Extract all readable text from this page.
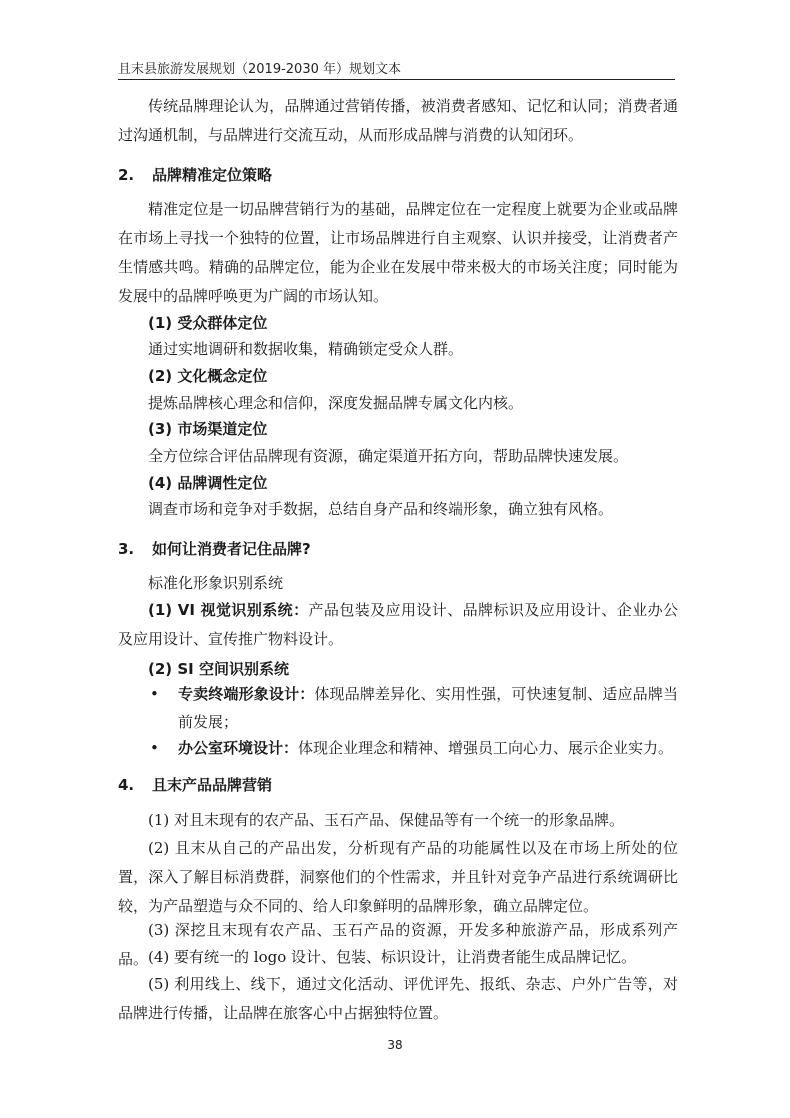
且末县旅游发展规划（2019-2030 年）规划文本

传统品牌理论认为，品牌通过营销传播，被消费者感知、记忆和认同；消费者通过沟通机制，与品牌进行交流互动，从而形成品牌与消费的认知闭环。

2. 品牌精准定位策略

精准定位是一切品牌营销行为的基础，品牌定位在一定程度上就要为企业或品牌在市场上寻找一个独特的位置，让市场品牌进行自主观察、认识并接受，让消费者产生情感共鸣。精确的品牌定位，能为企业在发展中带来极大的市场关注度；同时能为发展中的品牌呼唤更为广阔的市场认知。

(1) 受众群体定位
通过实地调研和数据收集，精确锁定受众人群。
(2) 文化概念定位
提炼品牌核心理念和信仰，深度发掘品牌专属文化内核。
(3) 市场渠道定位
全方位综合评估品牌现有资源，确定渠道开拓方向，帮助品牌快速发展。
(4) 品牌调性定位
调查市场和竞争对手数据，总结自身产品和终端形象，确立独有风格。
3. 如何让消费者记住品牌?
标准化形象识别系统

(1) VI 视觉识别系统：产品包装及应用设计、品牌标识及应用设计、企业办公及应用设计、宣传推广物料设计。

(2) SI 空间识别系统
• 专卖终端形象设计：体现品牌差异化、实用性强，可快速复制、适应品牌当前发展；

• 办公室环境设计：体现企业理念和精神、增强员工向心力、展示企业实力。

4. 且末产品品牌营销

(1) 对且末现有的农产品、玉石产品、保健品等有一个统一的形象品牌。

(2) 且末从自己的产品出发，分析现有产品的功能属性以及在市场上所处的位置，深入了解目标消费群，洞察他们的个性需求，并且针对竞争产品进行系统调研比较，为产品塑造与众不同的、给人印象鲜明的品牌形象，确立品牌定位。

(3) 深挖且末现有农产品、玉石产品的资源，开发多种旅游产品，形成系列产品。 (4) 要有统一的 logo 设计、包装、标识设计，让消费者能生成品牌记忆。

(5) 利用线上、线下，通过文化活动、评优评先、报纸、杂志、户外广告等，对品牌进行传播，让品牌在旅客心中占据独特位置。

38
